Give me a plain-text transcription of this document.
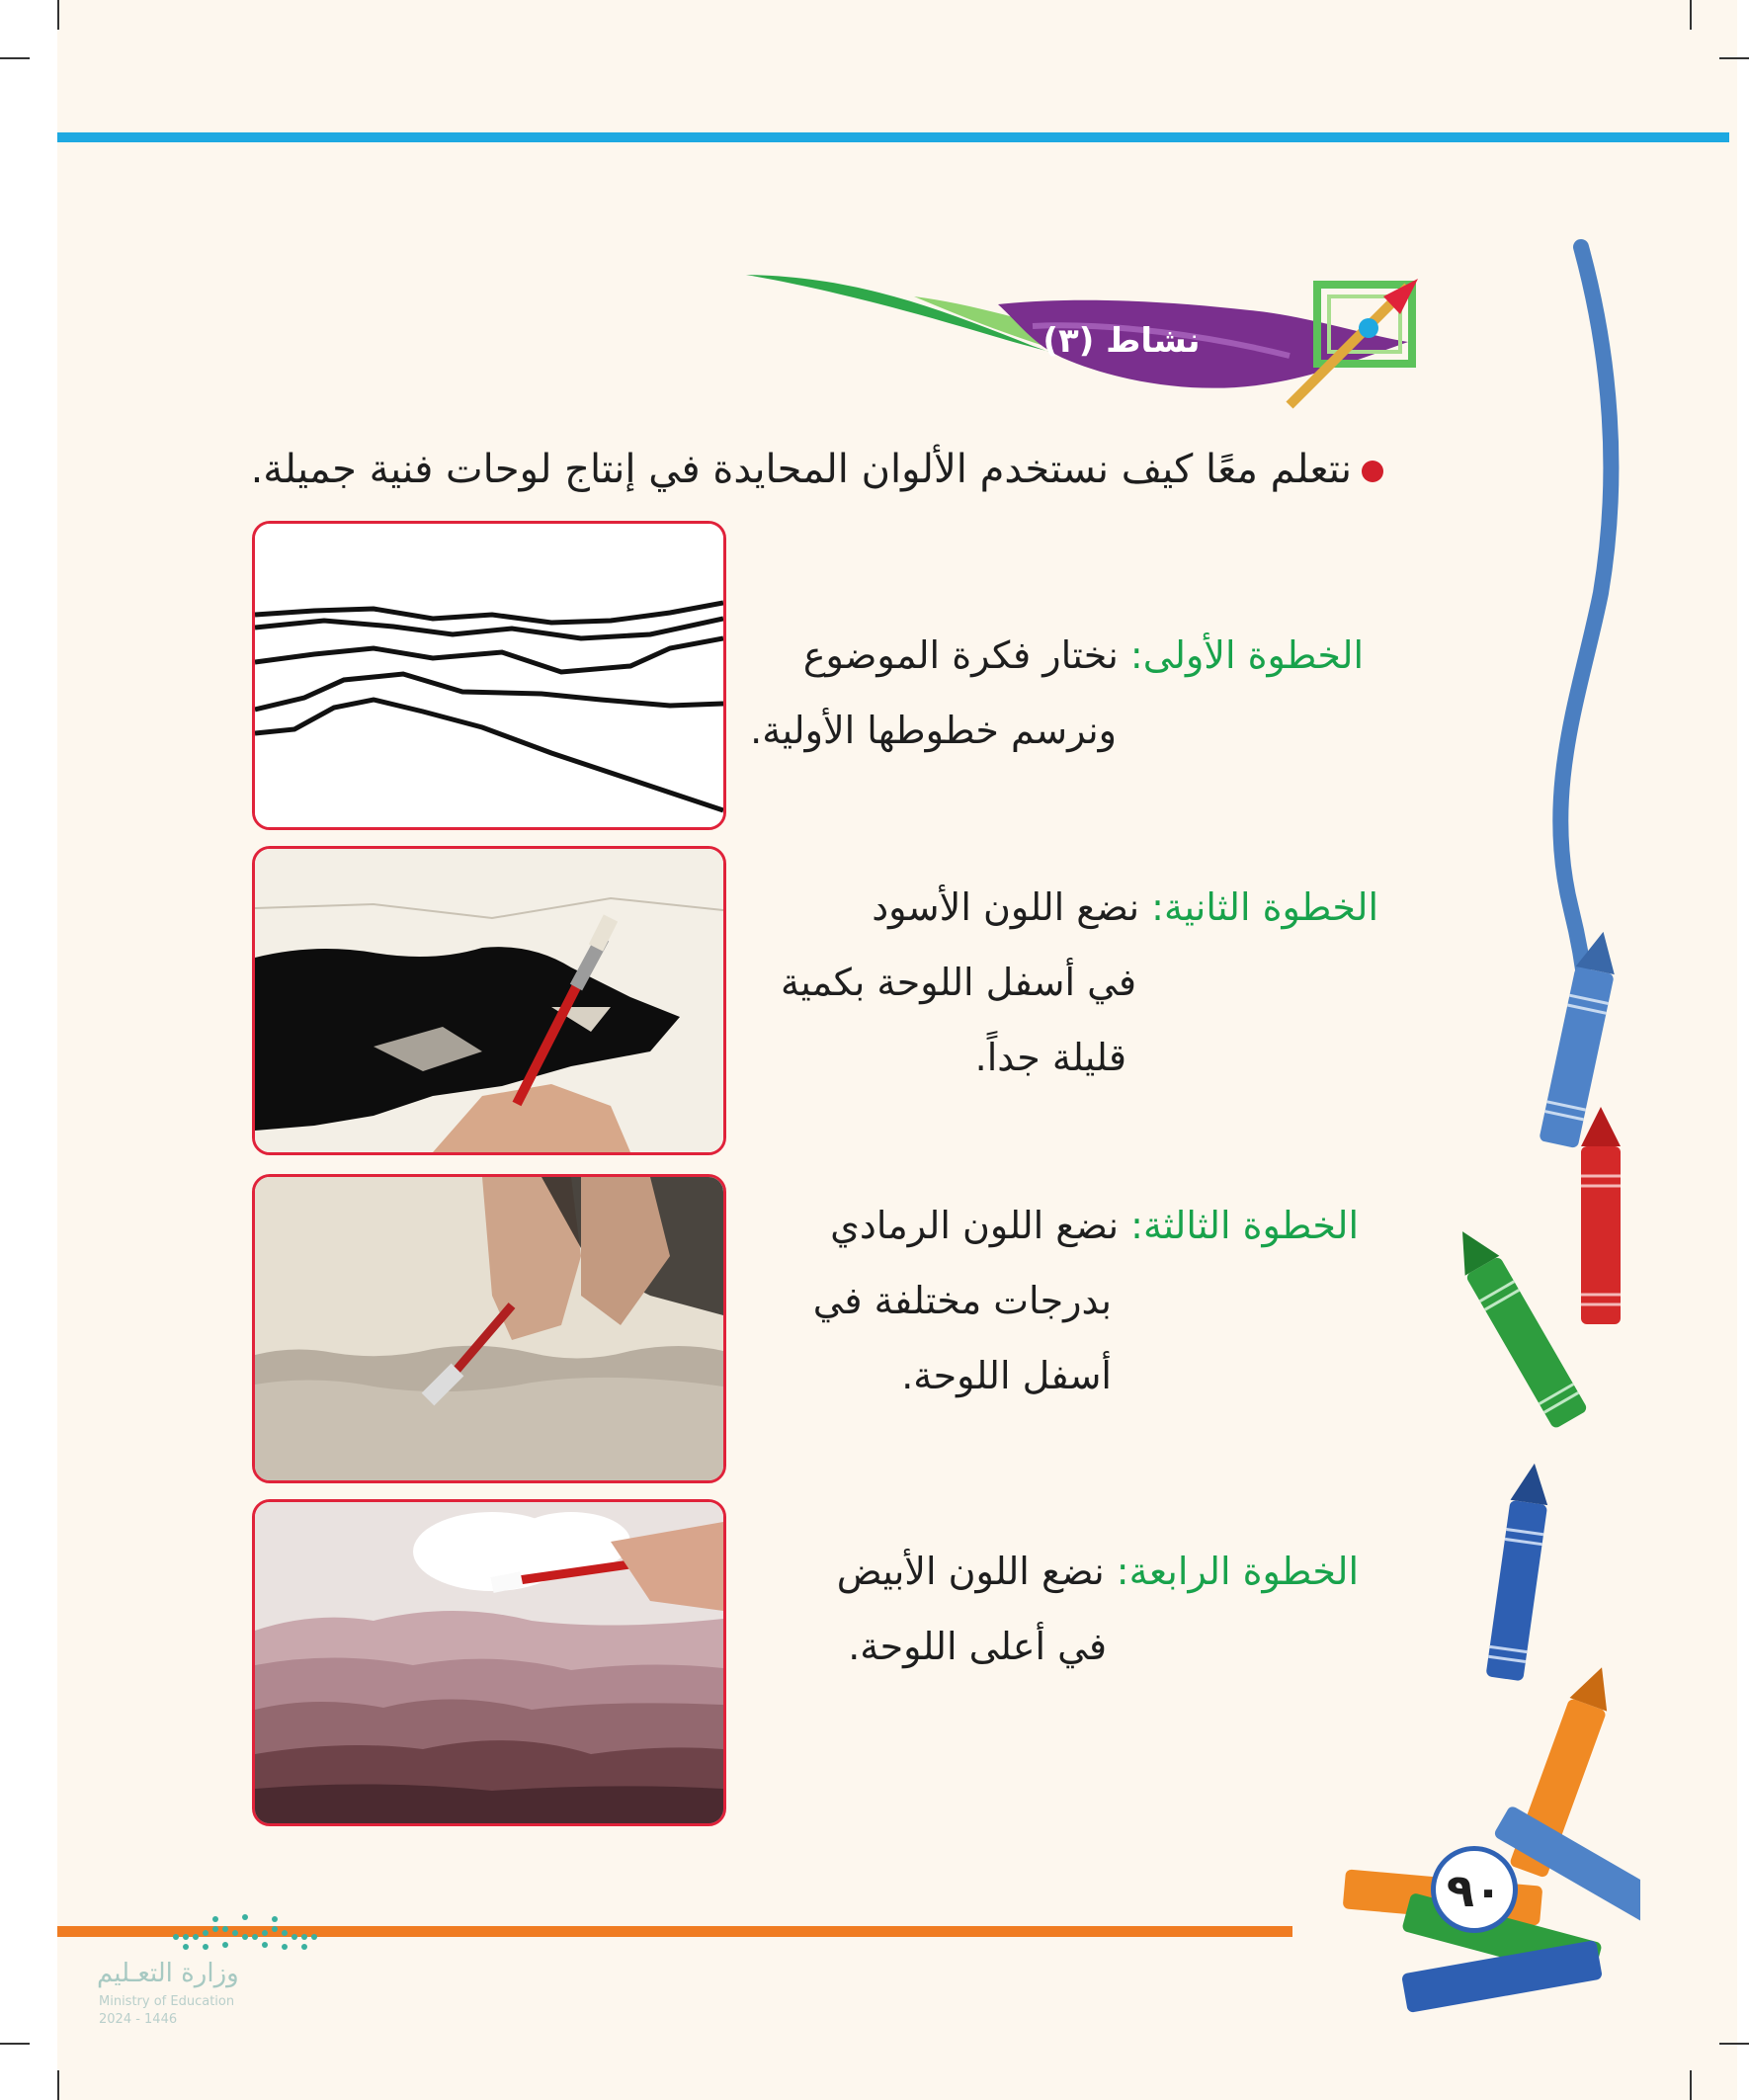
نشاط (٣)
نتعلم معًا كيف نستخدم الألوان المحايدة في إنتاج لوحات فنية جميلة.
الخطوة الأولى: نختار فكرة الموضوع
ونرسم خطوطها الأولية.
الخطوة الثانية: نضع اللون الأسود
في أسفل اللوحة بكمية
قليلة جداً.
الخطوة الثالثة: نضع اللون الرمادي
بدرجات مختلفة في
أسفل اللوحة.
الخطوة الرابعة: نضع اللون الأبيض
في أعلى اللوحة.
٩٠
وزارة التعـليم
Ministry of Education
2024 - 1446
